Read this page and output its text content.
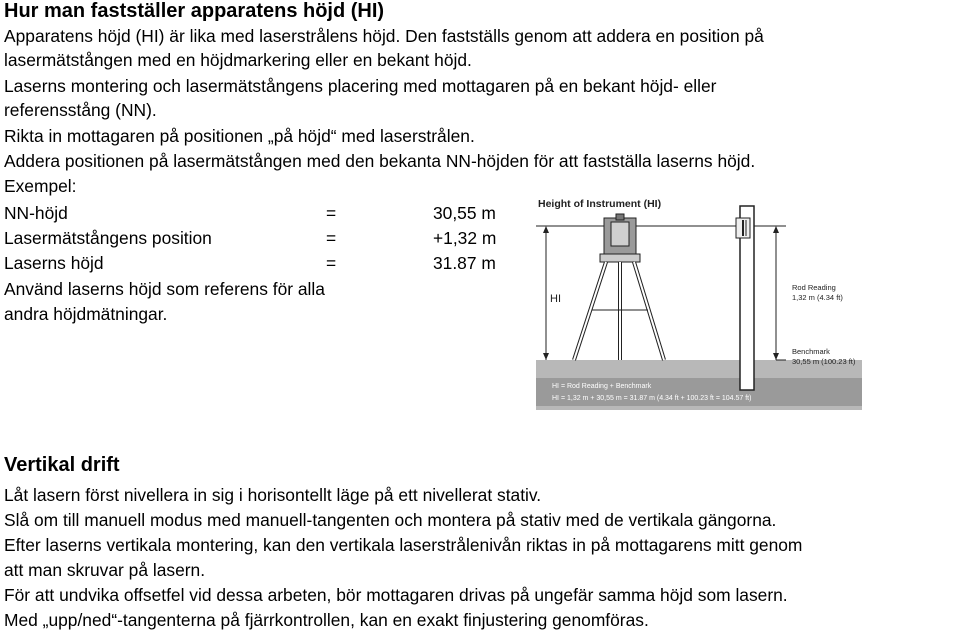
Hur man fastställer apparatens höjd (HI)

Apparatens höjd (HI) är lika med laserstrålens höjd. Den fastställs genom att addera en position på

lasermätstången med en höjdmarkering eller en bekant höjd.

Laserns montering och lasermätstångens placering med mottagaren på en bekant höjd- eller

referensstång (NN).

Rikta in mottagaren på positionen „på höjd“ med laserstrålen.

Addera positionen på lasermätstången med den bekanta NN-höjden för att fastställa laserns höjd.

Exempel:

NN-höjd	=	30,55 m
Lasermätstångens position	=	+1,32 m
Laserns höjd	=	31.87 m

Använd laserns höjd som referens för alla

andra höjdmätningar.

Height of Instrument (HI)
HI
Rod Reading
1,32 m (4.34 ft)
Benchmark
30,55 m (100.23 ft)
HI = Rod Reading + Benchmark
HI = 1,32 m + 30,55 m = 31.87 m (4.34 ft + 100.23 ft = 104.57 ft)
Vertikal drift

Låt lasern först nivellera in sig i horisontellt läge på ett nivellerat stativ.

Slå om till manuell modus med manuell-tangenten och montera på stativ med de vertikala gängorna.

Efter laserns vertikala montering, kan den vertikala laserstrålenivån riktas in på mottagarens mitt genom

att man skruvar på lasern.

För att undvika offsetfel vid dessa arbeten, bör mottagaren drivas på ungefär samma höjd som lasern.

Med „upp/ned“-tangenterna på fjärrkontrollen, kan en exakt finjustering genomföras.
